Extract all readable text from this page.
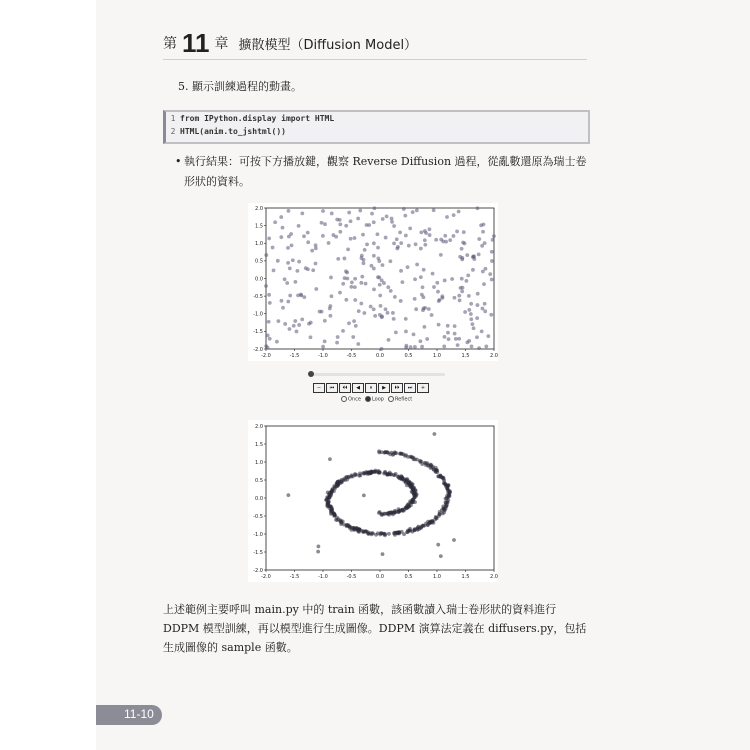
第 11 章 擴散模型（Diffusion Model）
5. 顯示訓練過程的動畫。
1 from IPython.display import HTML
2 HTML(anim.to_jshtml())
• 執行結果：可按下方播放鍵，觀察 Reverse Diffusion 過程，從亂數還原為瑞士卷形狀的資料。
-2.0	-1.5	-1.0	-0.5	0.0	0.5	1.0	1.5	2.0
2.0
1.5
1.0
0.5
0.0
-0.5
-1.0
-1.5
-2.0
−	⏮	⏴⏴	◀	⏸	▶	⏵⏵	⏭	+
Once	Loop	Reflect
-2.0	-1.5	-1.0	-0.5	0.0	0.5	1.0	1.5	2.0
2.0
1.5
1.0
0.5
0.0
-0.5
-1.0
-1.5
-2.0
上述範例主要呼叫 main.py 中的 train 函數，該函數讀入瑞士卷形狀的資料進行 DDPM 模型訓練，再以模型進行生成圖像。DDPM 演算法定義在 diffusers.py，包括生成圖像的 sample 函數。
11-10
